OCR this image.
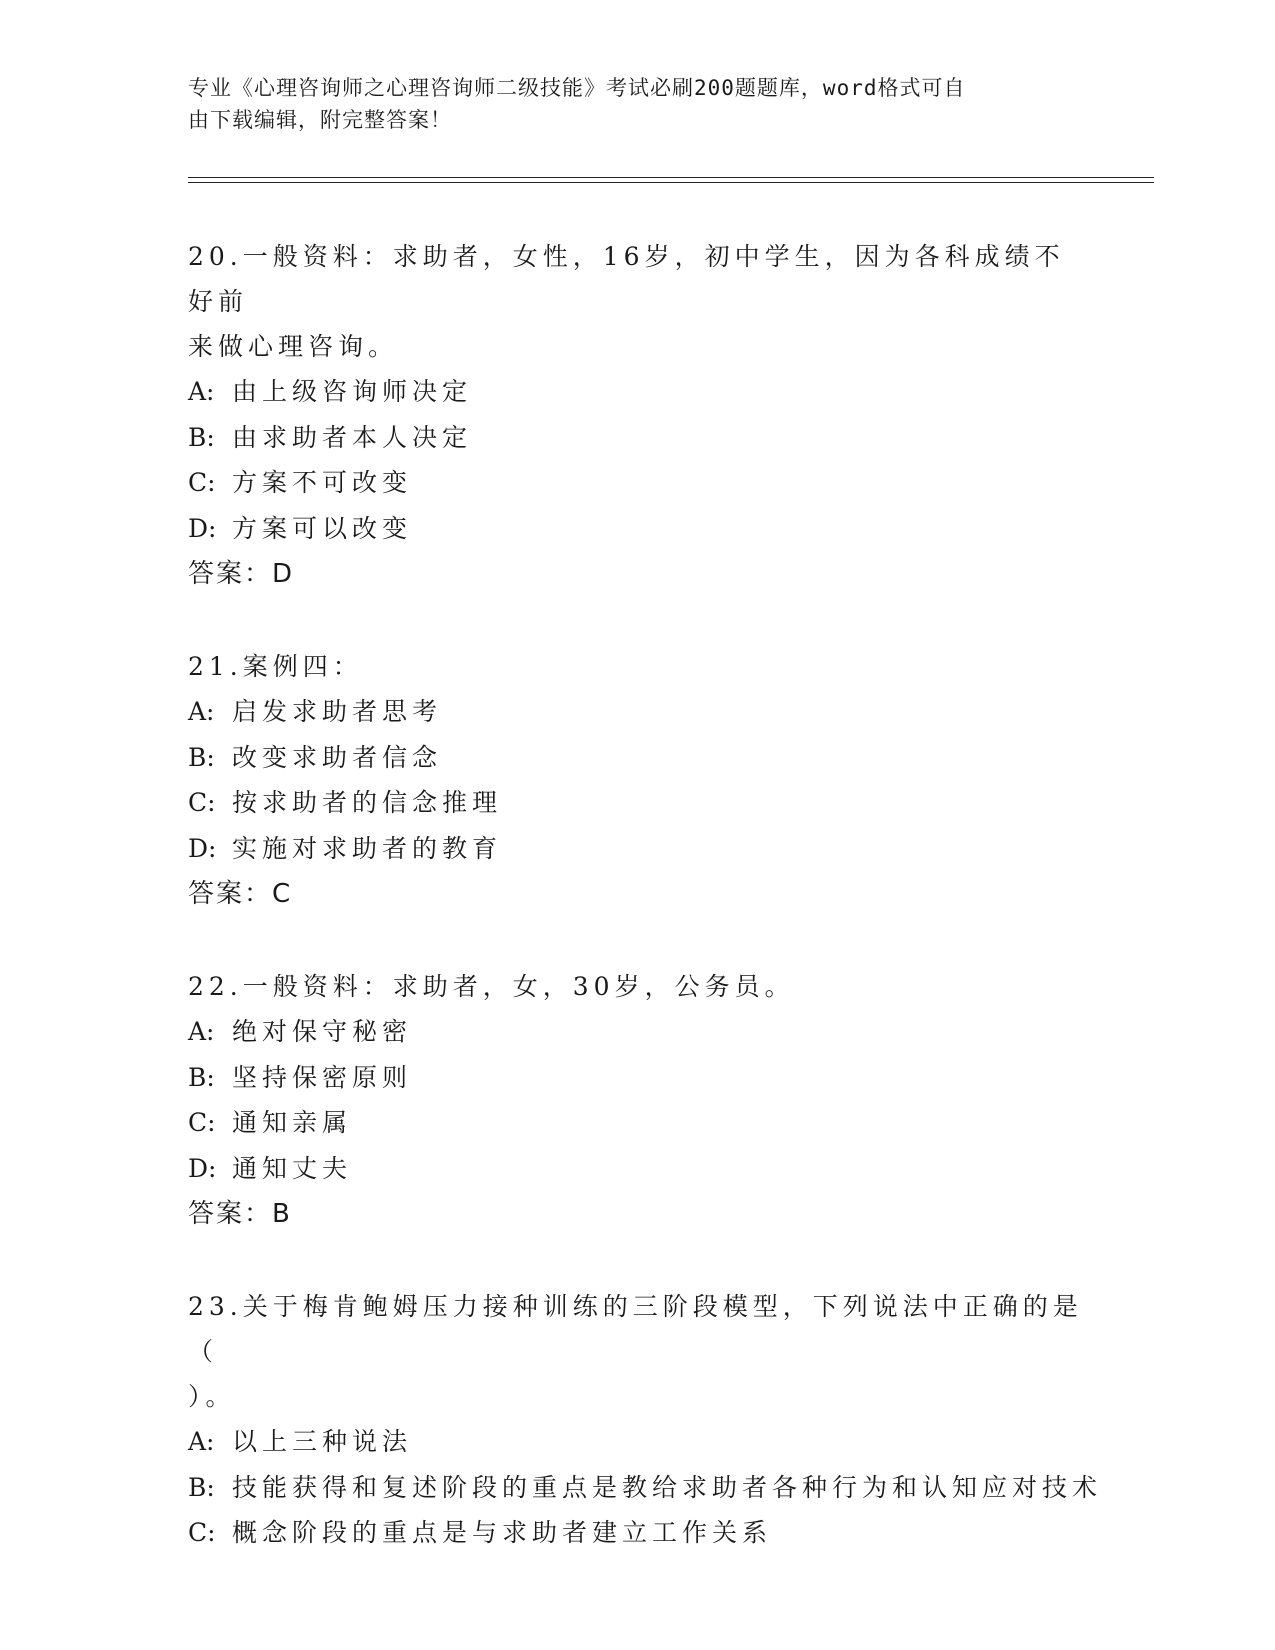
专业《心理咨询师之心理咨询师二级技能》考试必刷200题题库，word格式可自
由下载编辑，附完整答案！

20.一般资料：求助者，女性，16岁，初中学生，因为各科成绩不好前
来做心理咨询。

A: 由上级咨询师决定

B: 由求助者本人决定

C: 方案不可改变

D: 方案可以改变

答案：D

21.案例四：

A: 启发求助者思考

B: 改变求助者信念

C: 按求助者的信念推理

D: 实施对求助者的教育

答案：C

22.一般资料：求助者，女，30岁，公务员。

A: 绝对保守秘密

B: 坚持保密原则

C: 通知亲属

D: 通知丈夫

答案：B

23.关于梅肯鲍姆压力接种训练的三阶段模型，下列说法中正确的是（
）。

A: 以上三种说法

B: 技能获得和复述阶段的重点是教给求助者各种行为和认知应对技术

C: 概念阶段的重点是与求助者建立工作关系
